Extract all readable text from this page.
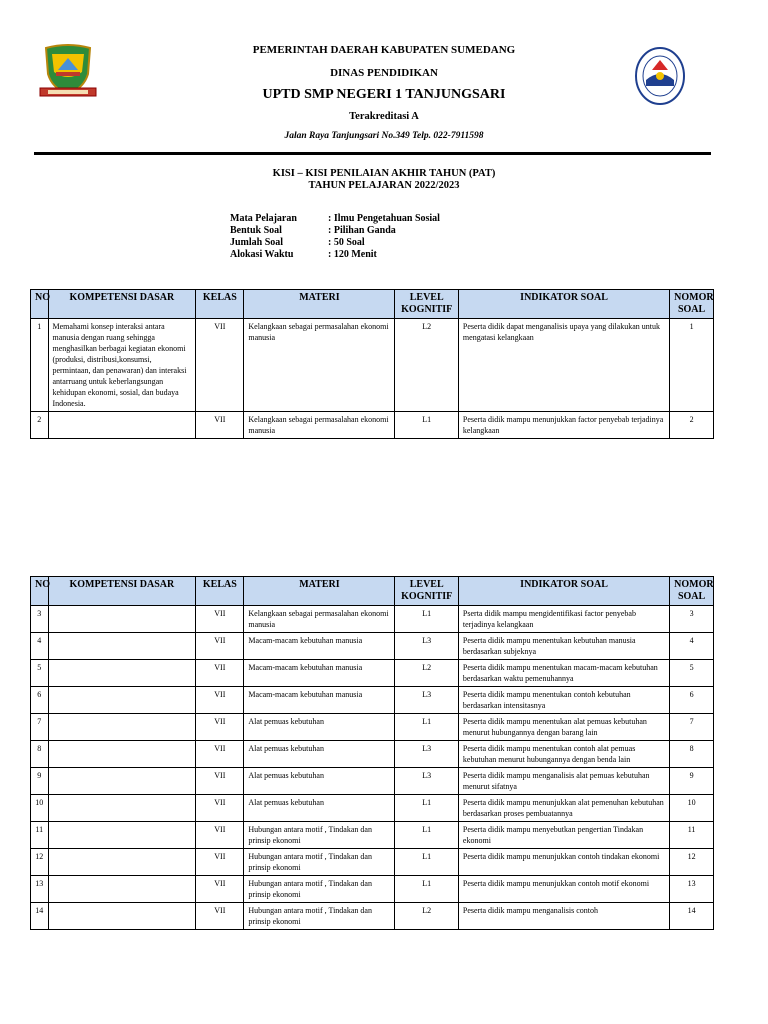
PEMERINTAH DAERAH KABUPATEN SUMEDANG
DINAS PENDIDIKAN
UPTD SMP NEGERI 1 TANJUNGSARI
Terakreditasi A
Jalan Raya Tanjungsari No.349 Telp. 022-7911598
KISI – KISI PENILAIAN AKHIR TAHUN (PAT)
TAHUN PELAJARAN 2022/2023
Mata Pelajaran	: Ilmu Pengetahuan Sosial
Bentuk Soal	: Pilihan Ganda
Jumlah Soal	: 50 Soal
Alokasi Waktu	: 120 Menit
NO	KOMPETENSI DASAR	KELAS	MATERI	LEVEL KOGNITIF	INDIKATOR SOAL	NOMOR SOAL
1	Memahami konsep interaksi antara manusia dengan ruang sehingga menghasilkan berbagai kegiatan ekonomi (produksi, distribusi,konsumsi, permintaan, dan penawaran) dan interaksi antarruang untuk keberlangsungan kehidupan ekonomi, sosial, dan budaya Indonesia.	VII	Kelangkaan sebagai permasalahan ekonomi manusia	L2	Peserta didik dapat menganalisis upaya yang dilakukan untuk mengatasi kelangkaan	1
2		VII	Kelangkaan sebagai permasalahan ekonomi manusia	L1	Peserta didik mampu menunjukkan factor penyebab terjadinya kelangkaan	2
NO	KOMPETENSI DASAR	KELAS	MATERI	LEVEL KOGNITIF	INDIKATOR SOAL	NOMOR SOAL
3		VII	Kelangkaan sebagai permasalahan ekonomi manusia	L1	Pserta didik mampu mengidentifikasi factor penyebab terjadinya kelangkaan	3
4		VII	Macam-macam kebutuhan manusia	L3	Peserta didik mampu menentukan kebutuhan manusia berdasarkan subjeknya	4
5		VII	Macam-macam kebutuhan manusia	L2	Peserta didik mampu menentukan macam-macam kebutuhan berdasarkan waktu pemenuhannya	5
6		VII	Macam-macam kebutuhan manusia	L3	Peserta didik mampu menentukan contoh kebutuhan berdasarkan intensitasnya	6
7		VII	Alat pemuas kebutuhan	L1	Peserta didik mampu menentukan alat pemuas kebutuhan menurut hubungannya dengan barang lain	7
8		VII	Alat pemuas kebutuhan	L3	Peserta didik mampu menentukan contoh alat pemuas kebutuhan menurut hubungannya dengan benda lain	8
9		VII	Alat pemuas kebutuhan	L3	Peserta didik mampu menganalisis alat pemuas kebutuhan menurut sifatnya	9
10		VII	Alat pemuas kebutuhan	L1	Peserta didik mampu menunjukkan alat pemenuhan kebutuhan berdasarkan proses pembuatannya	10
11		VII	Hubungan antara motif , Tindakan dan prinsip ekonomi	L1	Peserta didik mampu menyebutkan pengertian Tindakan ekonomi	11
12		VII	Hubungan antara motif , Tindakan dan prinsip ekonomi	L1	Peserta didik mampu menunjukkan contoh tindakan ekonomi	12
13		VII	Hubungan antara motif , Tindakan dan prinsip ekonomi	L1	Peserta didik mampu menunjukkan contoh motif ekonomi	13
14		VII	Hubungan antara motif , Tindakan dan prinsip ekonomi	L2	Peserta didik mampu menganalisis contoh	14
